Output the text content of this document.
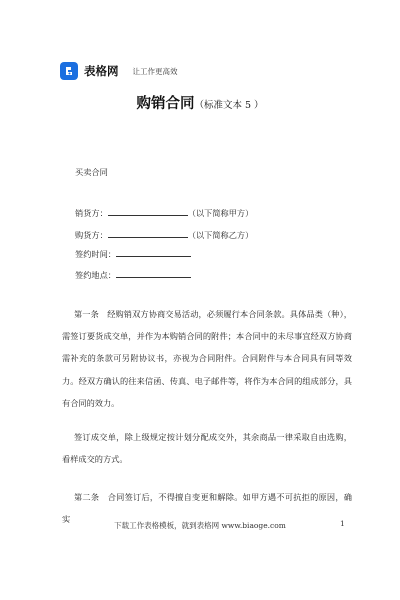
表格网 让工作更高效
购销合同（标准文本 5 ）
买卖合同
销货方：	（以下简称甲方）
购货方：	（以下简称乙方）
签约时间：
签约地点：
第一条　经购销双方协商交易活动，必须履行本合同条款。具体品类（种），需签订要货成交单，并作为本购销合同的附件；本合同中的未尽事宜经双方协商需补充的条款可另附协议书，亦视为合同附件。合同附件与本合同具有同等效力。经双方确认的往来信函、传真、电子邮件等，将作为本合同的组成部分，具有合同的效力。
签订成交单，除上级规定按计划分配成交外，其余商品一律采取自由选购，看样成交的方式。
第二条　合同签订后，不得擅自变更和解除。如甲方遇不可抗拒的原因，确实
下载工作表格模板，就到表格网 www.biaoge.com	1
